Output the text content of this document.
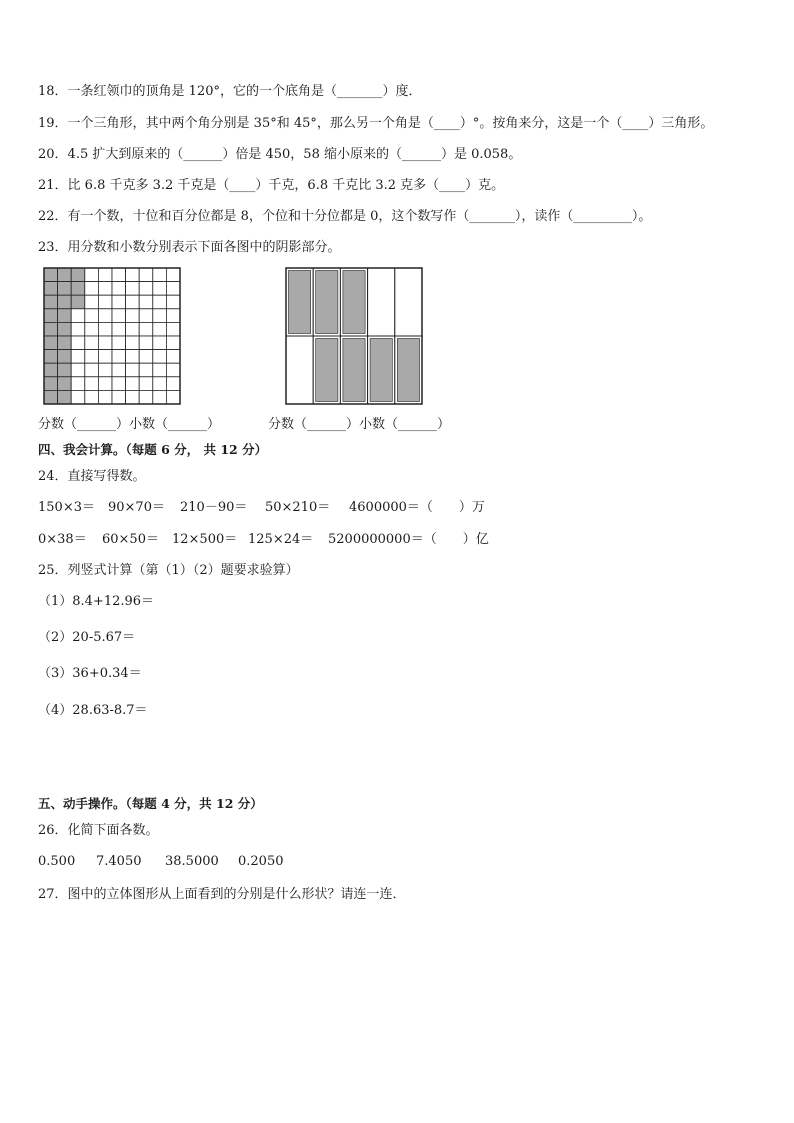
18．一条红领巾的顶角是 120°，它的一个底角是（_______）度．
19．一个三角形，其中两个角分别是 35°和 45°，那么另一个角是（____）°。按角来分，这是一个（____）三角形。
20．4.5 扩大到原来的（______）倍是 450，58 缩小原来的（______）是 0.058。
21．比 6.8 千克多 3.2 千克是（____）千克，6.8 千克比 3.2 克多（____）克。
22．有一个数，十位和百分位都是 8，个位和十分位都是 0，这个数写作（_______），读作（_________）。
23．用分数和小数分别表示下面各图中的阴影部分。
分数（______）小数（______）	分数（______）小数（______）
四、我会计算。（每题 6 分， 共 12 分）
24．直接写得数。
150×3＝ 90×70＝ 210－90＝ 50×210＝ 4600000＝（　　）万
0×38＝ 60×50＝ 12×500＝ 125×24＝ 5200000000＝（　　）亿
25．列竖式计算（第（1）（2）题要求验算）
（1）8.4+12.96＝
（2）20-5.67＝
（3）36+0.34＝
（4）28.63-8.7＝
五、动手操作。（每题 4 分，共 12 分）
26．化简下面各数。
0.500 7.4050 38.5000 0.2050
27．图中的立体图形从上面看到的分别是什么形状？请连一连．
